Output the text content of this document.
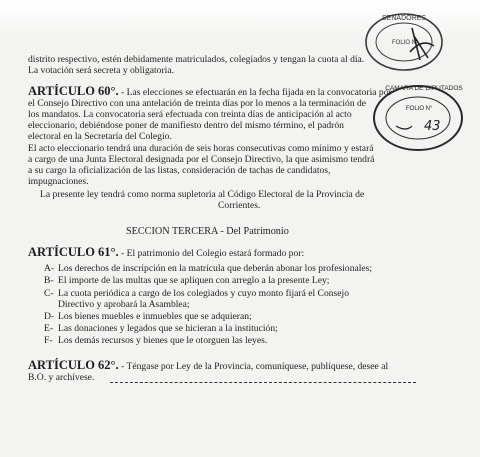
SENADORES
FOLIO N°
CAMARA DE DIPUTADOS
FOLIO N°
43
distrito respectivo, estén debidamente matriculados, colegiados y tengan la cuota al día.
La votación será secreta y obligatoria.
ARTÍCULO 60°. - Las elecciones se efectuarán en la fecha fijada en la convocatoria por
el Consejo Directivo con una antelación de treinta días por lo menos a la terminación de
los mandatos. La convocatoria será efectuada con treinta días de anticipación al acto
eleccionario, debiéndose poner de manifiesto dentro del mismo término, el padrón
electoral en la Secretaría del Colegio.
El acto eleccionario tendrá una duración de seis horas consecutivas como mínimo y estará
a cargo de una Junta Electoral designada por el Consejo Directivo, la que asimismo tendrá
a su cargo la oficialización de las listas, consideración de tachas de candidatos,
impugnaciones.
La presente ley tendrá como norma supletoria al Código Electoral de la Provincia de
Corrientes.
SECCION TERCERA - Del Patrimonio
ARTÍCULO 61°. - El patrimonio del Colegio estará formado por:
A- Los derechos de inscripción en la matrícula que deberán abonar los profesionales;
B- El importe de las multas que se apliquen con arreglo a la presente Ley;
C- La cuota periódica a cargo de los colegiados y cuyo monto fijará el Consejo
Directivo y aprobará la Asamblea;
D- Los bienes muebles e inmuebles que se adquieran;
E- Las donaciones y legados que se hicieran a la institución;
F- Los demás recursos y bienes que le otorguen las leyes.
ARTÍCULO 62°. - Téngase por Ley de la Provincia, comuníquese, publíquese, desee al
B.O. y archívese.
